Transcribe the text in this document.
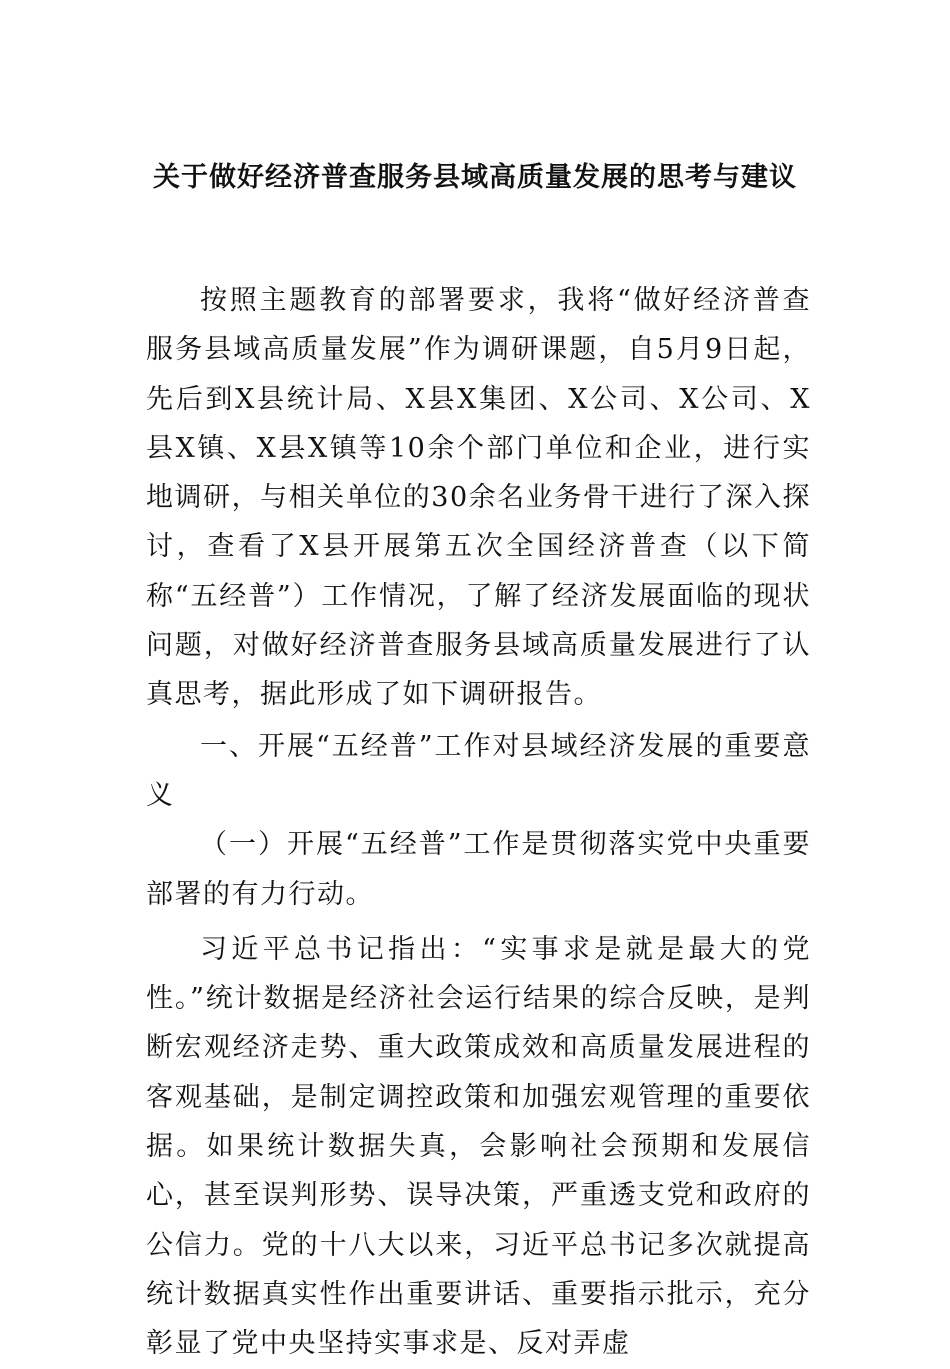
关于做好经济普查服务县域高质量发展的思考与建议

按照主题教育的部署要求，我将“做好经济普查服务县域高质量发展”作为调研课题，自5月9日起，先后到X县统计局、X县X集团、X公司、X公司、X县X镇、X县X镇等10余个部门单位和企业，进行实地调研，与相关单位的30余名业务骨干进行了深入探讨，查看了X县开展第五次全国经济普查（以下简称“五经普”）工作情况，了解了经济发展面临的现状问题，对做好经济普查服务县域高质量发展进行了认真思考，据此形成了如下调研报告。

一、开展“五经普”工作对县域经济发展的重要意义

（一）开展“五经普”工作是贯彻落实党中央重要部署的有力行动。

习近平总书记指出：“实事求是就是最大的党性。”统计数据是经济社会运行结果的综合反映，是判断宏观经济走势、重大政策成效和高质量发展进程的客观基础，是制定调控政策和加强宏观管理的重要依据。如果统计数据失真，会影响社会预期和发展信心，甚至误判形势、误导决策，严重透支党和政府的公信力。党的十八大以来，习近平总书记多次就提高统计数据真实性作出重要讲话、重要指示批示，充分彰显了党中央坚持实事求是、反对弄虚
